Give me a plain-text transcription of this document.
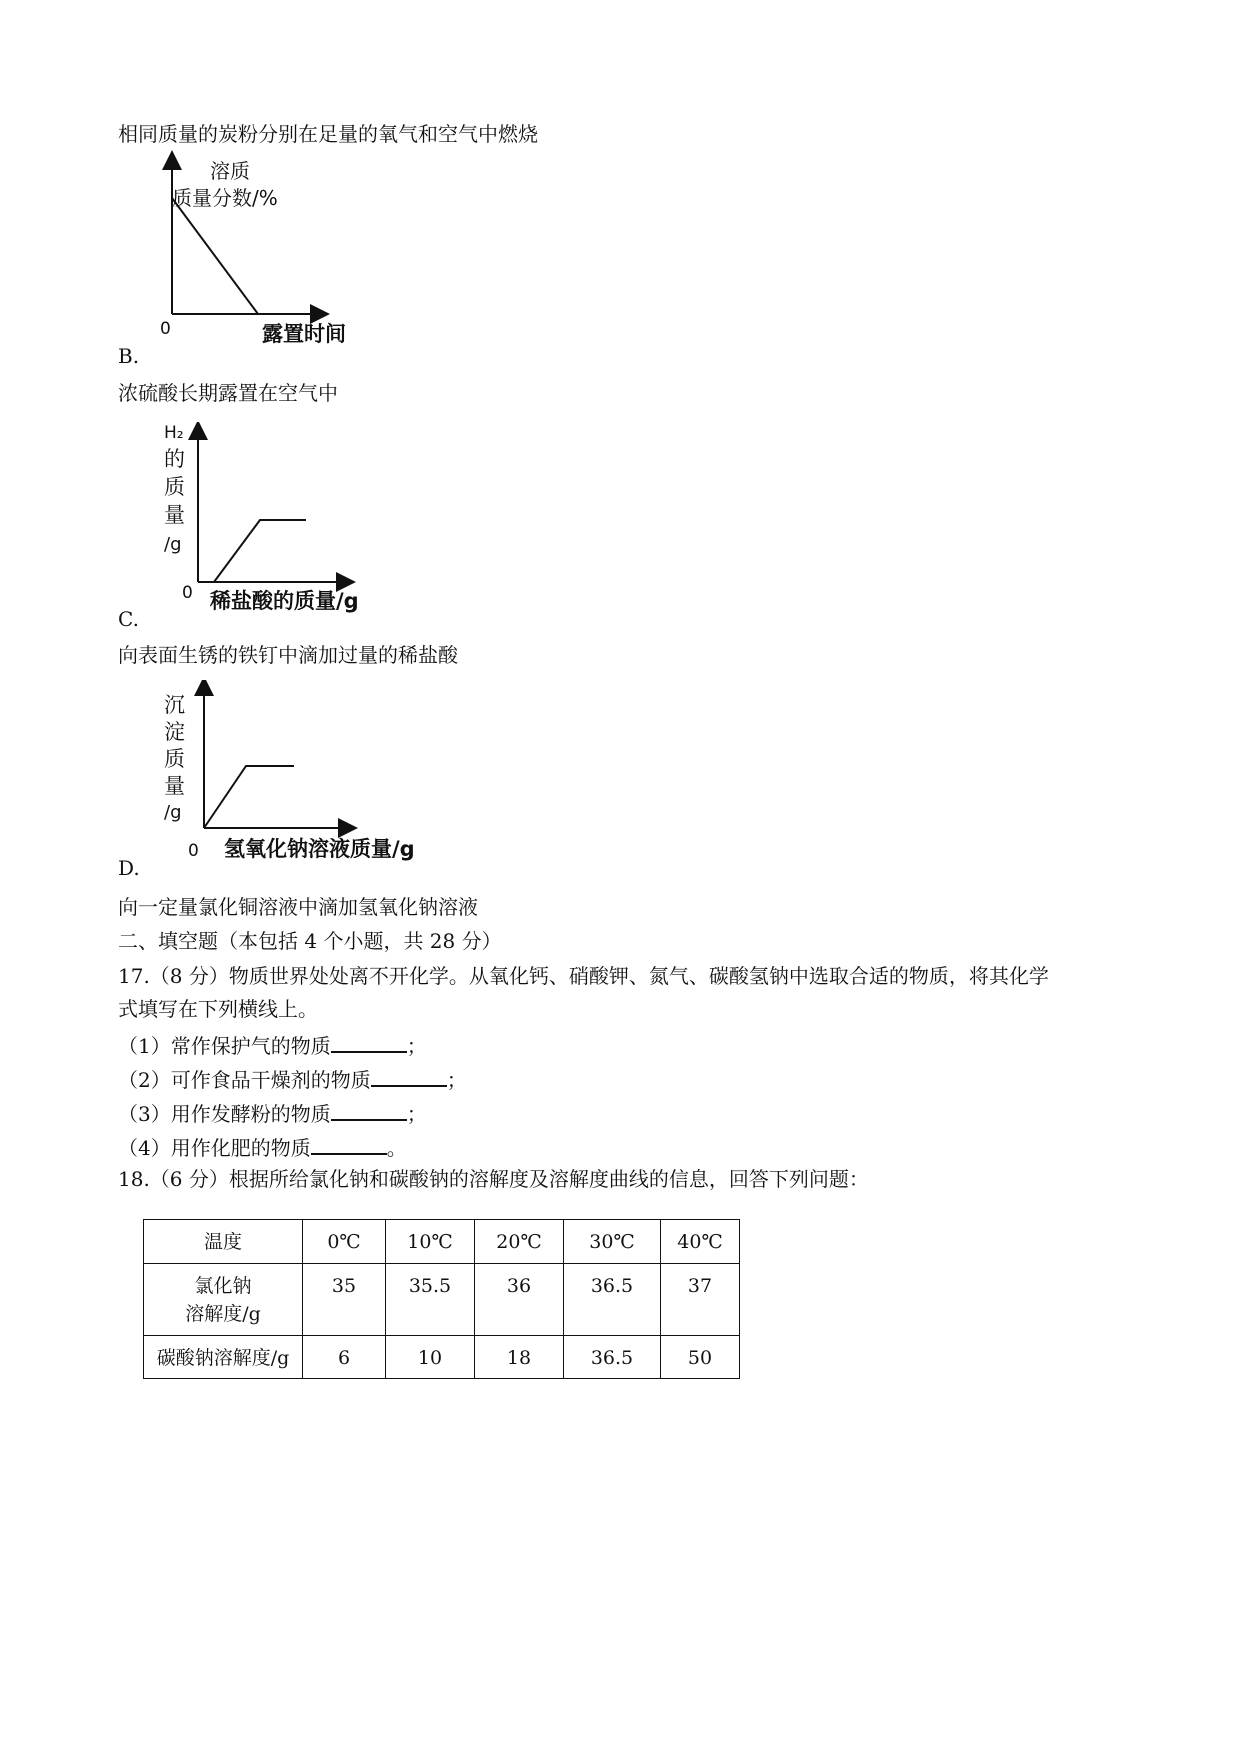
相同质量的炭粉分别在足量的氧气和空气中燃烧
溶质
质量分数/%
0	露置时间
B.
浓硫酸长期露置在空气中
H₂
的
质
量
/g
0 稀盐酸的质量/g
C.
向表面生锈的铁钉中滴加过量的稀盐酸
沉
淀
质
量
/g
0 氢氧化钠溶液质量/g
D.
向一定量氯化铜溶液中滴加氢氧化钠溶液
二、填空题（本包括 4 个小题，共 28 分）
17.（8 分）物质世界处处离不开化学。从氧化钙、硝酸钾、氮气、碳酸氢钠中选取合适的物质，将其化学
式填写在下列横线上。
（1）常作保护气的物质	；
（2）可作食品干燥剂的物质	；
（3）用作发酵粉的物质	；
（4）用作化肥的物质	。
18.（6 分）根据所给氯化钠和碳酸钠的溶解度及溶解度曲线的信息，回答下列问题：
温度	0℃	10℃	20℃	30℃	40℃

氯化钠
溶解度/g	35	35.5	36	36.5	37
碳酸钠溶解度/g	6	10	18	36.5	50
